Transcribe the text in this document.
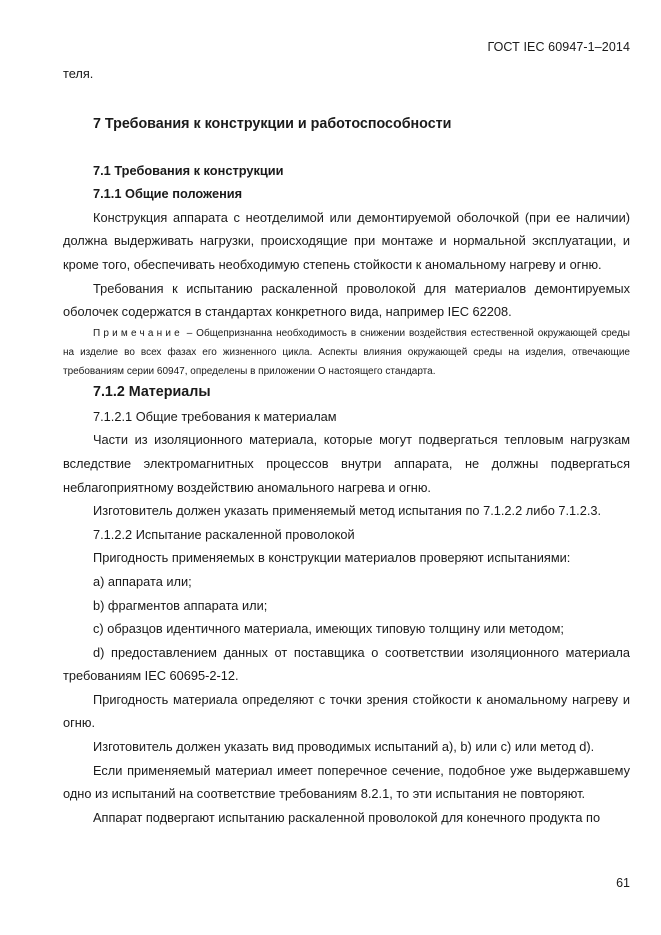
ГОСТ IEC 60947-1–2014

теля.

7 Требования к конструкции и работоспособности

7.1 Требования к конструкции

7.1.1 Общие положения

Конструкция аппарата с неотделимой или демонтируемой оболочкой (при ее наличии) должна выдерживать нагрузки, происходящие при монтаже и нормальной эксплуатации, и кроме того, обеспечивать необходимую степень стойкости к аномальному нагреву и огню.

Требования к испытанию раскаленной проволокой для материалов демонтируемых оболочек содержатся в стандартах конкретного вида, например IEC 62208.

Примечание – Общепризнанна необходимость в снижении воздействия естественной окружающей среды на изделие во всех фазах его жизненного цикла. Аспекты влияния окружающей среды на изделия, отвечающие требованиям серии 60947, определены в приложении О настоящего стандарта.

7.1.2 Материалы

7.1.2.1 Общие требования к материалам

Части из изоляционного материала, которые могут подвергаться тепловым нагрузкам вследствие электромагнитных процессов внутри аппарата, не должны подвергаться неблагоприятному воздействию аномального нагрева и огню.

Изготовитель должен указать применяемый метод испытания по 7.1.2.2 либо 7.1.2.3.

7.1.2.2 Испытание раскаленной проволокой

Пригодность применяемых в конструкции материалов проверяют испытаниями:

a) аппарата или;

b) фрагментов аппарата или;

c) образцов идентичного материала, имеющих типовую толщину или методом;

d) предоставлением данных от поставщика о соответствии изоляционного материала требованиям IEC 60695-2-12.

Пригодность материала определяют с точки зрения стойкости к аномальному нагреву и огню.

Изготовитель должен указать вид проводимых испытаний a), b) или c) или метод d).

Если применяемый материал имеет поперечное сечение, подобное уже выдержавшему одно из испытаний на соответствие требованиям 8.2.1, то эти испытания не повторяют.

Аппарат подвергают испытанию раскаленной проволокой для конечного продукта по

61
